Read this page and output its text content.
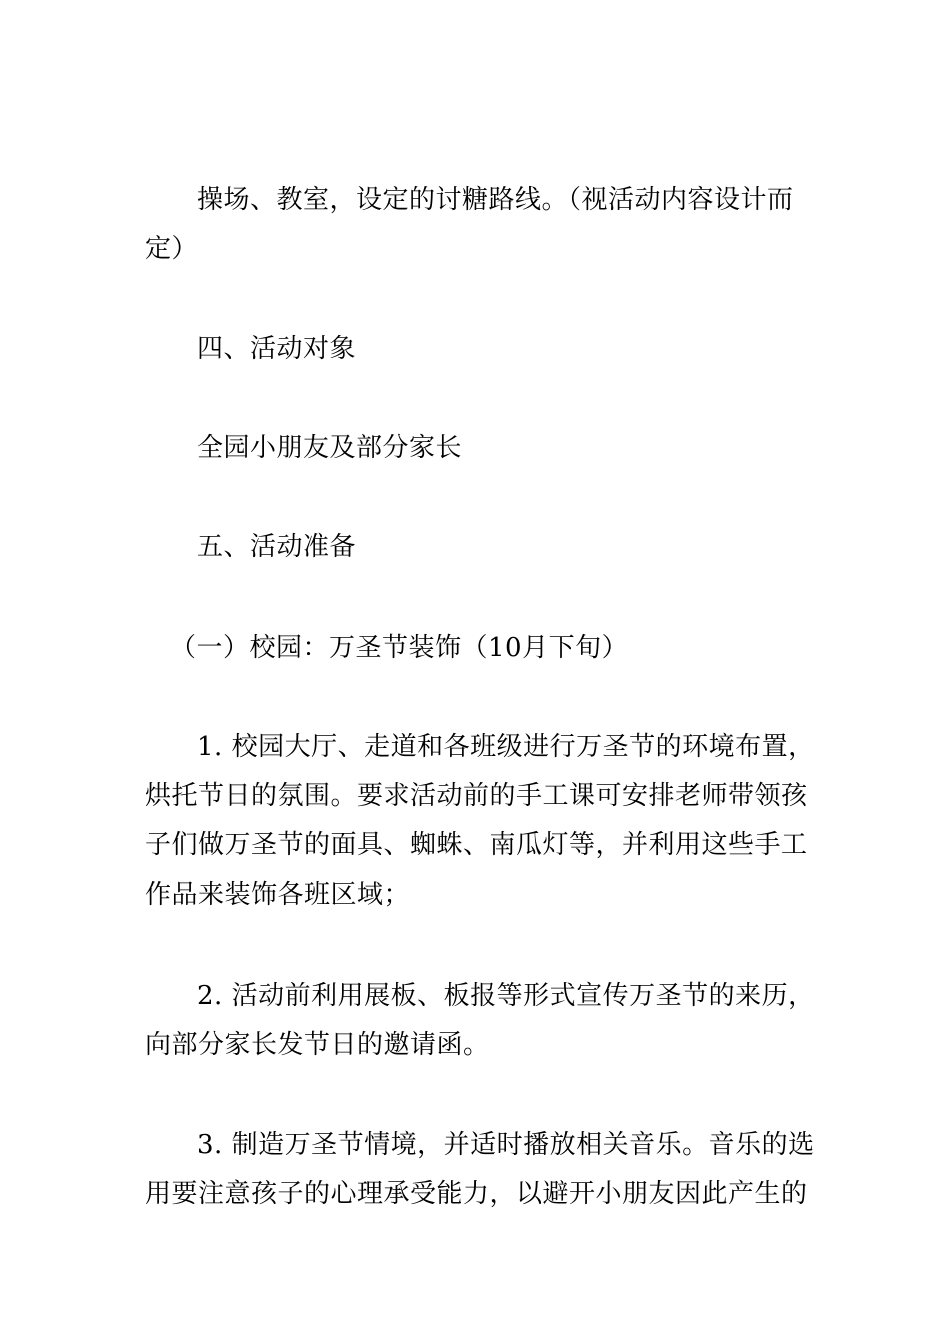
操场、教室，设定的讨糖路线。（视活动内容设计而
定）
四、活动对象
全园小朋友及部分家长
五、活动准备
（一）校园：万圣节装饰（10月下旬）
1. 校园大厅、走道和各班级进行万圣节的环境布置，
烘托节日的氛围。要求活动前的手工课可安排老师带领孩
子们做万圣节的面具、蜘蛛、南瓜灯等，并利用这些手工
作品来装饰各班区域；
2. 活动前利用展板、板报等形式宣传万圣节的来历，
向部分家长发节日的邀请函。
3. 制造万圣节情境，并适时播放相关音乐。音乐的选
用要注意孩子的心理承受能力，以避开小朋友因此产生的
